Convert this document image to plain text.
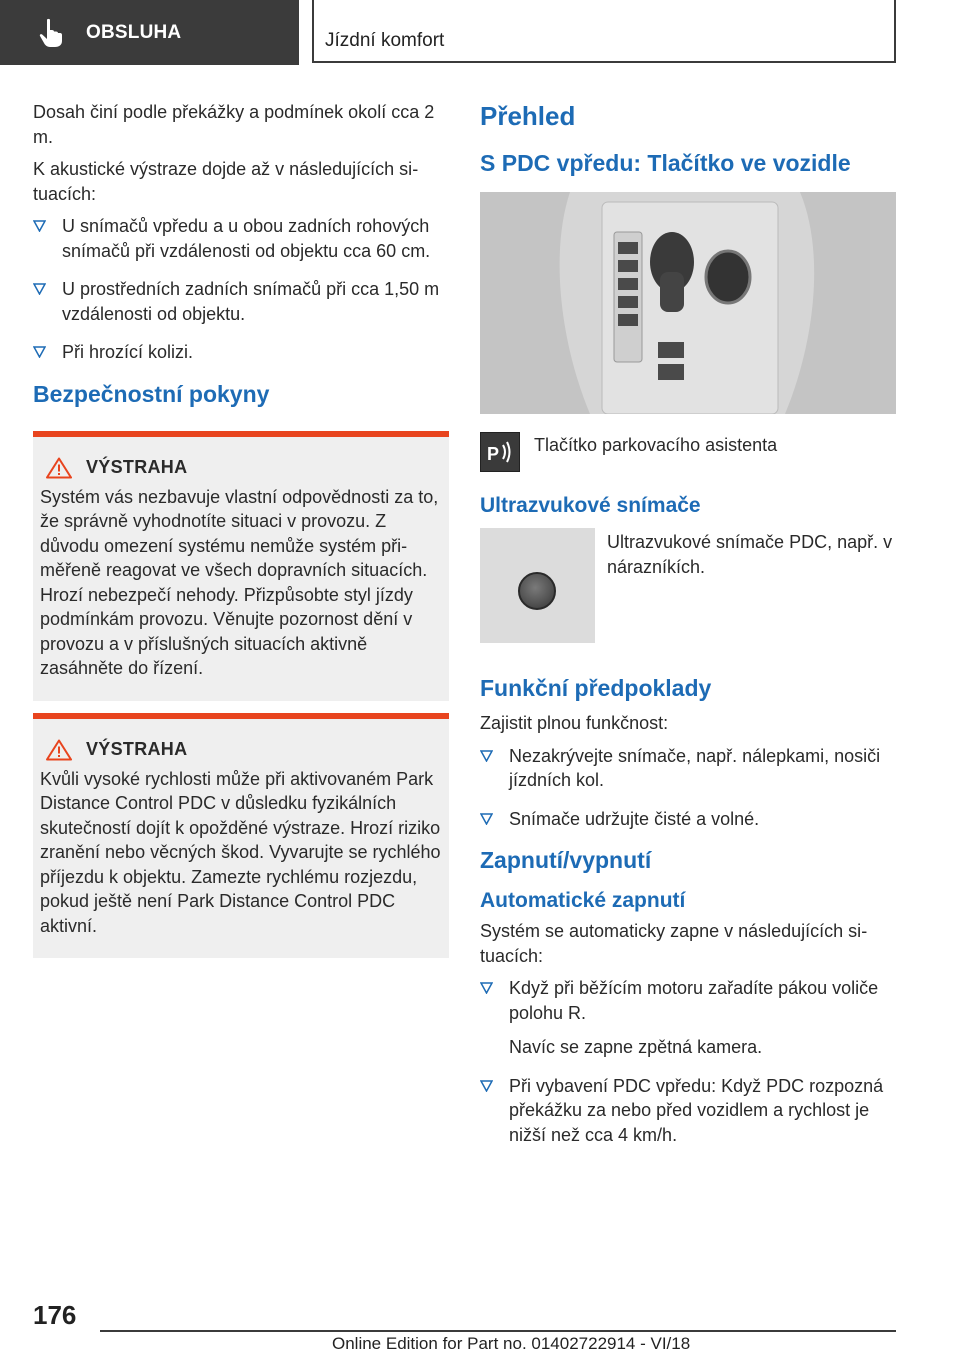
OBSLUHA	Jízdní komfort

Dosah činí podle překážky a podmínek okolí cca 2 m.

K akustické výstraze dojde až v následujících situacích:

U snímačů vpředu a u obou zadních rohových snímačů při vzdálenosti od objektu cca 60 cm.
U prostředních zadních snímačů při cca 1,50 m vzdálenosti od objektu.
Při hrozící kolizi.
Bezpečnostní pokyny
VÝSTRAHA

Systém vás nezbavuje vlastní odpovědnosti za to, že správně vyhodnotíte situaci v provozu. Z důvodu omezení systému nemůže systém přiměřeně reagovat ve všech dopravních situacích. Hrozí nebezpečí nehody. Přizpůsobte styl jízdy podmínkám provozu. Věnujte pozornost dění v provozu a v příslušných situacích aktivně zasáhněte do řízení.

VÝSTRAHA

Kvůli vysoké rychlosti může při aktivovaném Park Distance Control PDC v důsledku fyzikálních skutečností dojít k opožděné výstraze. Hrozí riziko zranění nebo věcných škod. Vyvarujte se rychlého příjezdu k objektu. Zamezte rychlému rozjezdu, pokud ještě není Park Distance Control PDC aktivní.

Přehled
S PDC vpředu: Tlačítko ve vozidle
P Tlačítko parkovacího asistenta
Ultrazvukové snímače

Ultrazvukové snímače PDC, např. v nárazníkích.

Funkční předpoklady

Zajistit plnou funkčnost:

Nezakrývejte snímače, např. nálepkami, nosiči jízdních kol.
Snímače udržujte čisté a volné.
Zapnutí/vypnutí
Automatické zapnutí

Systém se automaticky zapne v následujících situacích:

Když při běžícím motoru zařadíte pákou voliče polohu R.

Navíc se zapne zpětná kamera.

Při vybavení PDC vpředu: Když PDC rozpozná překážku za nebo před vozidlem a rychlost je nižší než cca 4 km/h.
176
Online Edition for Part no. 01402722914 - VI/18
